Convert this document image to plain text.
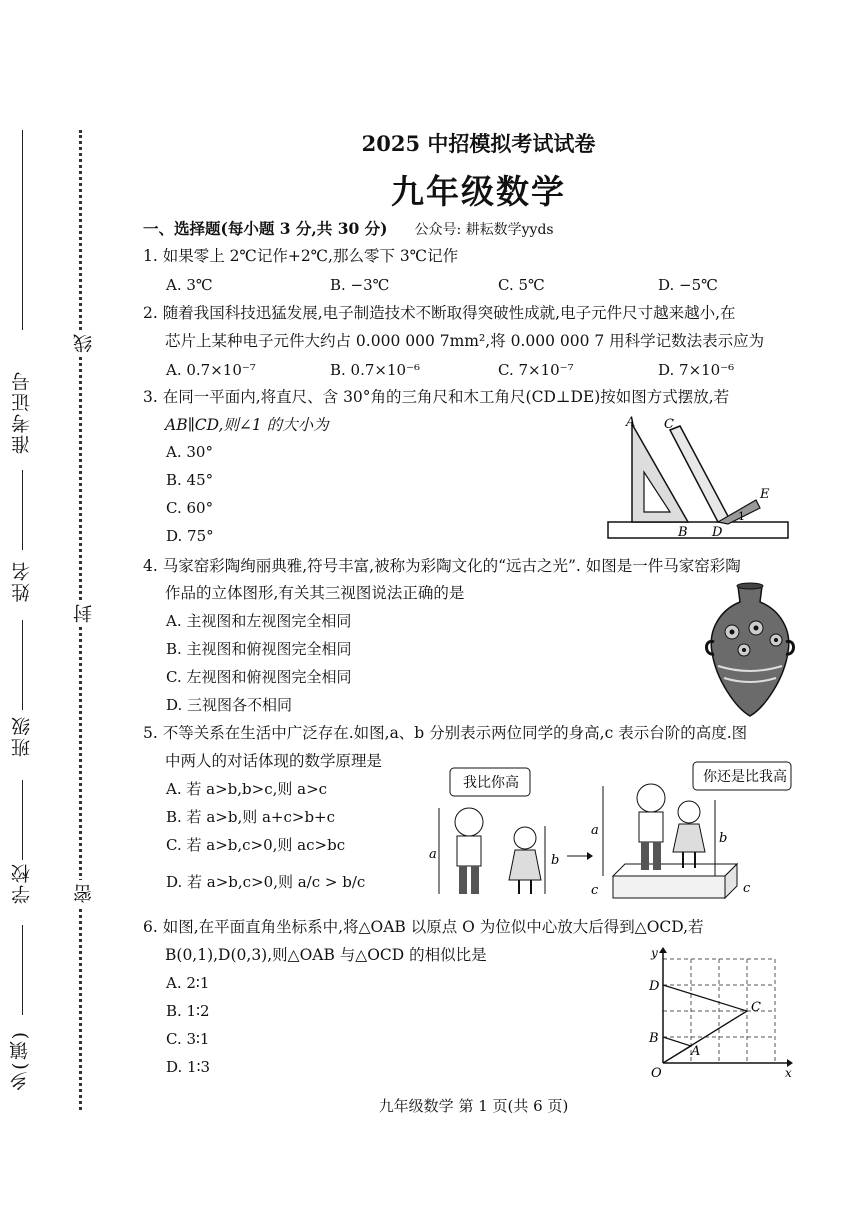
准考证号
姓名
班级
学校
乡(镇)
线
封
密
2025 中招模拟考试试卷
九年级数学
一、选择题(每小题 3 分,共 30 分) 公众号: 耕耘数学yyds
1. 如果零上 2℃记作+2℃,那么零下 3℃记作
A. 3℃	B. −3℃	C. 5℃	D. −5℃
2. 随着我国科技迅猛发展,电子制造技术不断取得突破性成就,电子元件尺寸越来越小,在
芯片上某种电子元件大约占 0.000 000 7mm²,将 0.000 000 7 用科学记数法表示应为
A. 0.7×10⁻⁷	B. 0.7×10⁻⁶	C. 7×10⁻⁷	D. 7×10⁻⁶
3. 在同一平面内,将直尺、含 30°角的三角尺和木工角尺(CD⊥DE)按如图方式摆放,若
AB∥CD,则∠1 的大小为
A. 30°
B. 45°
C. 60°
D. 75°
A C
E
B D
1
4. 马家窑彩陶绚丽典雅,符号丰富,被称为彩陶文化的“远古之光”. 如图是一件马家窑彩陶
作品的立体图形,有关其三视图说法正确的是
A. 主视图和左视图完全相同
B. 主视图和俯视图完全相同
C. 左视图和俯视图完全相同
D. 三视图各不相同
5. 不等关系在生活中广泛存在.如图,a、b 分别表示两位同学的身高,c 表示台阶的高度.图
中两人的对话体现的数学原理是
A. 若 a>b,b>c,则 a>c
B. 若 a>b,则 a+c>b+c
C. 若 a>b,c>0,则 ac>bc
D. 若 a>b,c>0,则 a/c > b/c
我比你高	你还是比我高
a	b
a
b
c	c
6. 如图,在平面直角坐标系中,将△OAB 以原点 O 为位似中心放大后得到△OCD,若
B(0,1),D(0,3),则△OAB 与△OCD 的相似比是
A. 2∶1
B. 1∶2
C. 3∶1
D. 1∶3
y
D
C
B
A
O	x
九年级数学 第 1 页(共 6 页)
